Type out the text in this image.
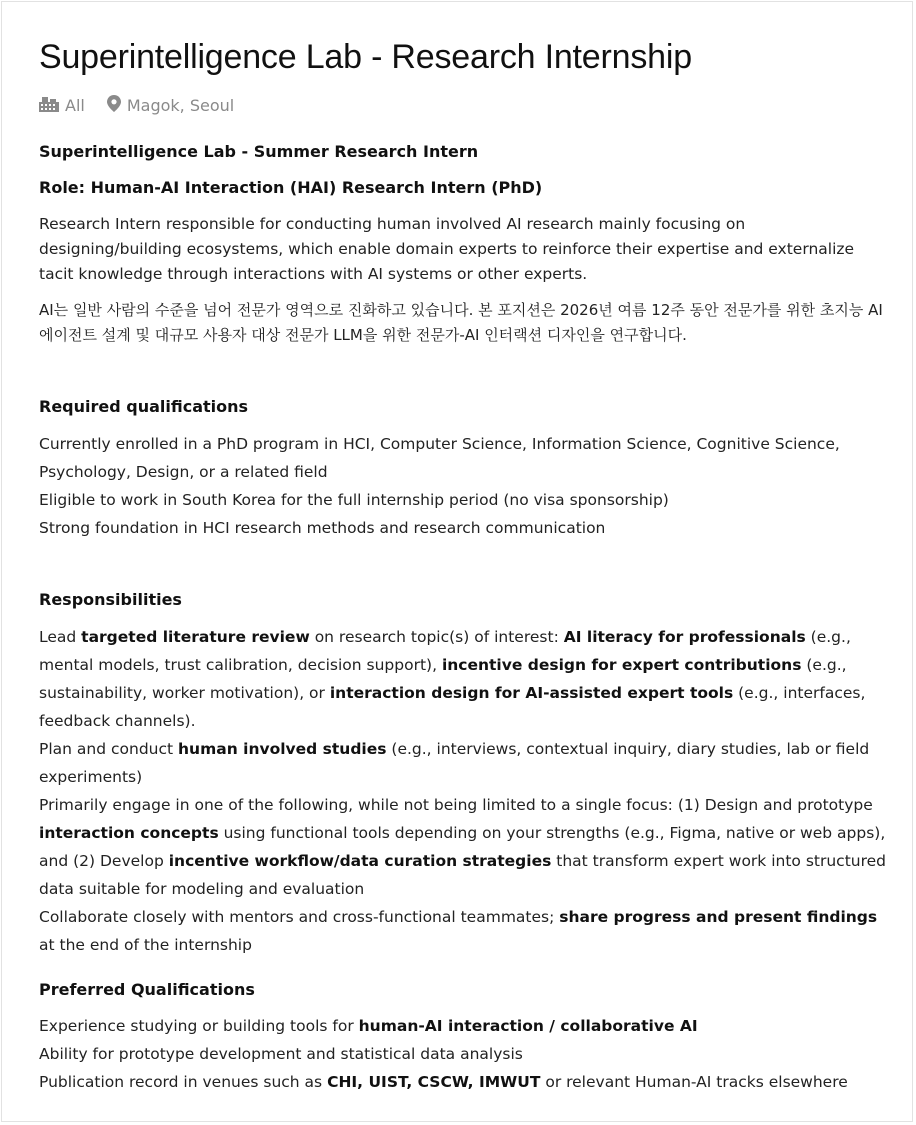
Superintelligence Lab - Research Internship
All	Magok, Seoul
Superintelligence Lab - Summer Research Intern
Role: Human-AI Interaction (HAI) Research Intern (PhD)
Research Intern responsible for conducting human involved AI research mainly focusing on designing/building ecosystems, which enable domain experts to reinforce their expertise and externalize tacit knowledge through interactions with AI systems or other experts.
AI는 일반 사람의 수준을 넘어 전문가 영역으로 진화하고 있습니다. 본 포지션은 2026년 여름 12주 동안 전문가를 위한 초지능 AI 에이전트 설계 및 대규모 사용자 대상 전문가 LLM을 위한 전문가-AI 인터랙션 디자인을 연구합니다.
Required qualifications
Currently enrolled in a PhD program in HCI, Computer Science, Information Science, Cognitive Science, Psychology, Design, or a related field
Eligible to work in South Korea for the full internship period (no visa sponsorship)
Strong foundation in HCI research methods and research communication
Responsibilities
Lead targeted literature review on research topic(s) of interest: AI literacy for professionals (e.g., mental models, trust calibration, decision support), incentive design for expert contributions (e.g., sustainability, worker motivation), or interaction design for AI-assisted expert tools (e.g., interfaces, feedback channels).
Plan and conduct human involved studies (e.g., interviews, contextual inquiry, diary studies, lab or field experiments)
Primarily engage in one of the following, while not being limited to a single focus: (1) Design and prototype interaction concepts using functional tools depending on your strengths (e.g., Figma, native or web apps), and (2) Develop incentive workflow/data curation strategies that transform expert work into structured data suitable for modeling and evaluation
Collaborate closely with mentors and cross-functional teammates; share progress and present findings at the end of the internship
Preferred Qualifications
Experience studying or building tools for human-AI interaction / collaborative AI
Ability for prototype development and statistical data analysis
Publication record in venues such as CHI, UIST, CSCW, IMWUT or relevant Human-AI tracks elsewhere
